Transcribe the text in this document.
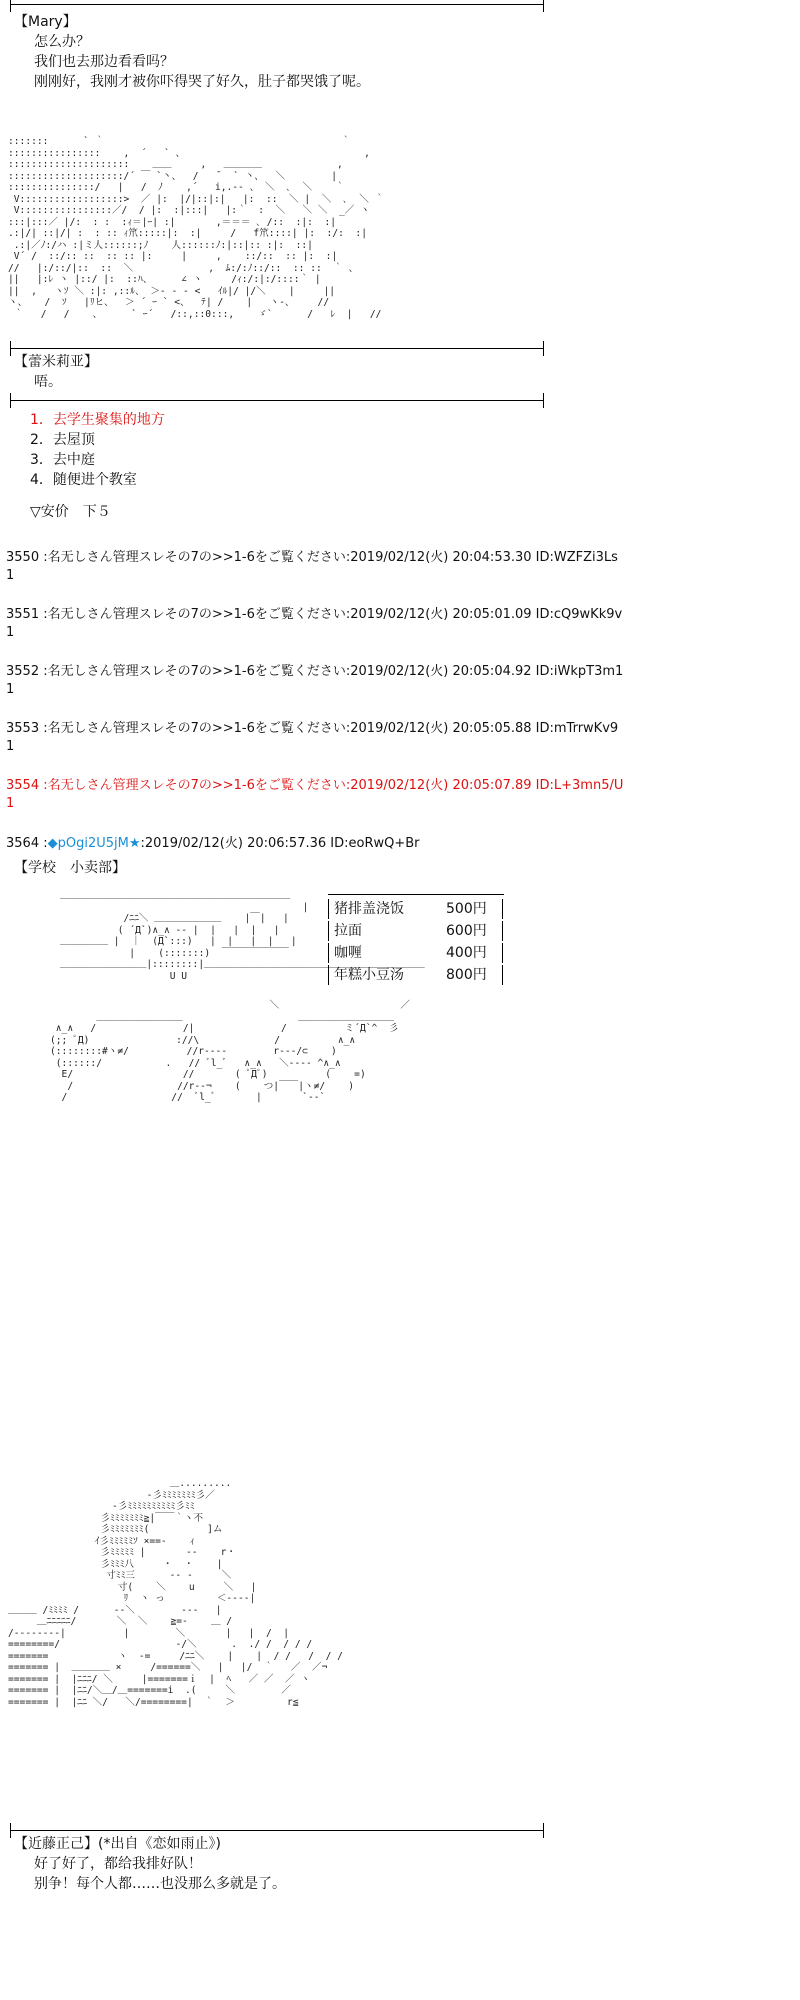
【Mary】
怎么办？
我们也去那边看看吗？
刚刚好，我刚才被你吓得哭了好久，肚子都哭饿了呢。
:::::::      ` ｀                                         ｀
::::::::::::::::    ,  ´   ` 、                               ,
:::::::::::::::::::::    ＿＿     ,   ＿＿＿＿             ,
::::::::::::::::::::/´ ￣ `丶、  /   ̄   ` 丶、  ＼        |
:::::::::::::::/   |   /  ﾉ    ,´   i,.-- 、 ＼  ､  ＼    ｀
V::::::::::::::::::>  ／ |:  |/|::|:|   |:  ::  ＼ |  ＼  ､  ＼ ｀
V::::::::::::::::／/  / |:  :|:::|   |:｀  :  ＼   ＼ ＼  _／ ヽ
:::|:::／ |/:  : :  :ｨ＝|ｰ| :|       ,＝＝＝ ､ /::  :|:  :|
.:|/| ::|/| :  : :: ｨ笊:::::|:  :|     /   f笊::::| |:  :/:  :|
.:|／ﾉ:/ハ :|ミ人::::::;ﾉ    人::::::ﾉ:|::|:: :|:  ::|
V´ /  ::/:: ::  :: :: |:     |     ,    ::/::  :: |:  :|
//   |:/::/|::  ::  ＼             ,  ﾑ:/:ﾉ::/::  :: ::  ｀ 、
||   |:ﾚ ヽ |::/ |:  ::ﾊ、     ∠ ヽ     /ｨ:/:|:/::::｀ |
||  ,   ヽｿ ＼ :|: ,::ﾙ、 ＞- ‐ - <   ｲﾙ|/ |/＼    |     ||
ヽ、   /  ｿ   |ﾘヒ、  ＞ ´ ｰ ` <、  ﾃ| /    |   ヽ-、    //
｀   /   /    、     ` ｰ´   /::,::0:::,    ゞ`      /   ﾚ  |   //
【蕾米莉亚】
唔。
1．去学生聚集的地方
2．去屋顶
3．去中庭
4．随便进个教室
▽安价　下５
3550 :名无しさん管理スレその7の>>1-6をご覧ください:2019/02/12(火) 20:04:53.30 ID:WZFZi3Ls
1
3551 :名无しさん管理スレその7の>>1-6をご覧ください:2019/02/12(火) 20:05:01.09 ID:cQ9wKk9v
1
3552 :名无しさん管理スレその7の>>1-6をご覧ください:2019/02/12(火) 20:05:04.92 ID:iWkpT3m1
1
3553 :名无しさん管理スレその7の>>1-6をご覧ください:2019/02/12(火) 20:05:05.88 ID:mTrrwKv9
1
3554 :名无しさん管理スレその7の>>1-6をご覧ください:2019/02/12(火) 20:05:07.89 ID:L+3mn5/U
1
3564 :◆pOgi2U5jM★:2019/02/12(火) 20:06:57.36 ID:eoRwQ+Br
【学校　小卖部】
猪排盖浇饭	500円
拉面	600円
咖喱	400円
年糕小豆汤	800円
＿＿＿＿＿＿＿＿＿＿＿＿＿＿＿＿＿＿＿＿＿＿＿＿
|
/ﾆﾆ＼ ＿＿＿＿＿＿＿    |￣|   |
( ´Д`)∧_∧ ‐‐ |  |   |  |   |
＿＿＿＿＿ |  ｜  (Д`:::)   |  |   |  |   |
|    (:::::::)  ￣￣￣￣￣￣￣
＿＿＿＿＿＿＿＿＿|::::::::|＿＿＿＿＿＿＿＿＿＿＿＿＿＿＿＿＿＿＿＿＿＿＿
U U
＼                     ／
＿＿＿＿＿＿＿＿＿                    ＿＿＿＿＿＿＿＿＿＿
∧_∧   /               /|               /          ミ´Д`^  彡
(;; ﾟД)               ://\             /          ∧_∧
(::::::::#ヽ≠/          //r‐‐-‐        r‐‐‐/⊂    )
(::::::/           .   // ﾞl_ﾞ   ∧_∧   ＼‐‐‐‐ ^∧_∧
Е/                   //       ( ﾟДﾟ)          (    =)
/                  //r‐‐¬    (    つ|￣￣|ヽ≠/    )
/                  //  ﾞl_ﾞ       |       `‐‐`
＿.........
‐彡ﾐﾐﾐﾐﾐﾐﾐ彡／
‐彡ﾐﾐﾐﾐﾐﾐﾐﾐﾐﾐ彡ﾐﾐ
彡ﾐﾐﾐﾐﾐﾐﾐ≧|￣￣｀ヽ不
彡ﾐﾐﾐﾐﾐﾐﾐ(          ]ム
ｲ彡ﾐﾐﾐﾐﾐｿ ×==‐    ｨ
彡ﾐﾐﾐﾐﾐ |       ‐‐    r・
彡ﾐﾐﾐ八     ・  ・    |
寸ﾐﾐ三      ‐‐ ‐     ＼
寸(    ＼    u     ＼   |
ﾘ  ヽ っ         ＜‐‐‐‐|
＿＿＿ /ﾐﾐﾐﾐ /      ‐‐＼        ‐‐‐   |
＿ﾆﾆﾆﾆﾆ/       ＼  ＼    ≧=‐    ＿ /
/‐‐‐‐‐‐‐‐|          |        ＼       |   |  /  |
========/                    ‐/＼      .  ./ /  / / /
=======            ヽ  ‐=     /ﾆﾆ＼    |    |  / /   /  / /
======= |  ＿＿＿＿ ×     /======＼   |   |/  ｀   ／  ／¬
======= |  |ﾆﾆﾆ/ ＼     |=======ｉ  |  ﾍ   ／ ／  ／ ヽ
======= |  |ﾆﾆ/＼＿/＿=======i  .(     ＼        ／
======= |  |ﾆﾆ ＼/   ＼/========|  ｀  ＞         r≦
【近藤正己】(*出自《恋如雨止》)
好了好了，都给我排好队！
别争！每个人都……也没那么多就是了。
